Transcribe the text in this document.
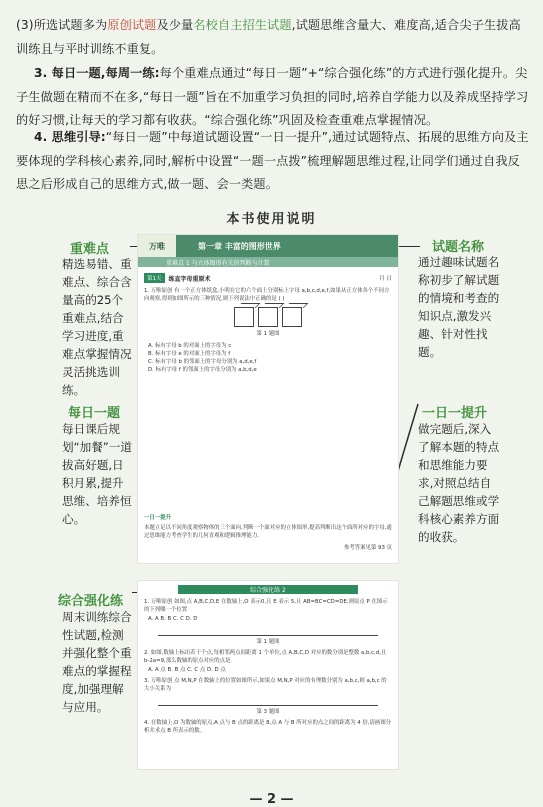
(3)所选试题多为原创试题及少量名校自主招生试题,试题思维含量大、难度高,适合尖子生拔高训练且与平时训练不重复。
3. 每日一题,每周一练:每个重难点通过“每日一题”+“综合强化练”的方式进行强化提升。尖子生做题在精而不在多,“每日一题”旨在不加重学习负担的同时,培养自学能力以及养成坚持学习的好习惯,让每天的学习都有收获。“综合强化练”巩固及检查重难点掌握情况。
4. 思维引导:“每日一题”中每道试题设置“一日一提升”,通过试题特点、拓展的思维方向及主要体现的学科核心素养,同时,解析中设置“一题一点拨”梳理解题思维过程,让同学们通过自我反思之后形成自己的思维方式,做一题、会一类题。
本书使用说明
重难点
精选易错、重难点、综合含量高的25个重难点,结合学习进度,重难点掌握情况灵活挑选训练。
每日一题
每日课后规划“加餐”一道拔高好题,日积月累,提升思维、培养恒心。
综合强化练
周末训练综合性试题,检测并强化整个重难点的掌握程度,加强理解与应用。
试题名称
通过趣味试题名称初步了解试题的情境和考查的知识点,激发兴趣、针对性找题。
一日一提升
做完题后,深入了解本题的特点和思维能力要求,对照总结自己解题思维或学科核心素养方面的收获。
万唯	第一章 丰富的图形世界
重难点 1 与立体图形有关的判断与计算
第1天	练直字母重原术	月 日
1. 万唯原创 有一个正方体纸盒,小明在它的六个面上分别标上字母 a,b,c,d,e,f,如果从正方体各个不同方向观察,得到如图所示的三种情况,则下列说法中正确的是 ( )
第 1 题图
A. 标有字母 b 的对面上的字母为 c
B. 标有字母 e 的对面上的字母为 f
C. 标有字母 b 的邻面上的字母分别为 a,d,e,f
D. 标有字母 f 的邻面上的字母分别为 a,b,d,e
一日一提升
本题立足以不同角度观察物体的三个面向,判断一个面对应的立体图形,提高判断出这个面所对应的字母,通过思维能力考查学生的几何直观和逻辑推理能力。
参考答案见第 93 页
综合强化练 2
1. 万唯原创 如图,点 A,B,C,D,E 在数轴上,O 表示0,且 E 表示 5,且 AB=BC=CD=DE,则原点 P 在图示的下列哪一个位置
A. A B. B C. C D. D
第 1 题图
2. 如图,数轴上标出若干个点,每相邻两点间距离 1 个单位,点 A,B,C,D 对应的数分别是整数 a,b,c,d,且 b-2a=9,那么数轴的原点对应的点是
A. A 点 B. B 点 C. C 点 D. D 点
3. 万唯原创 点 M,N,P 在数轴上的位置如图所示,如果点 M,N,P 对应的有理数分别为 a,b,c,则 a,b,c 的大小关系为
第 3 题图
4. 在数轴上,O 为数轴的原点,A 点与 B 点的距离是 8,点 A 与 B 所对应的点之间的距离为 4 倍,请画图分析并求点 B 所表示的数。
— 2 —
